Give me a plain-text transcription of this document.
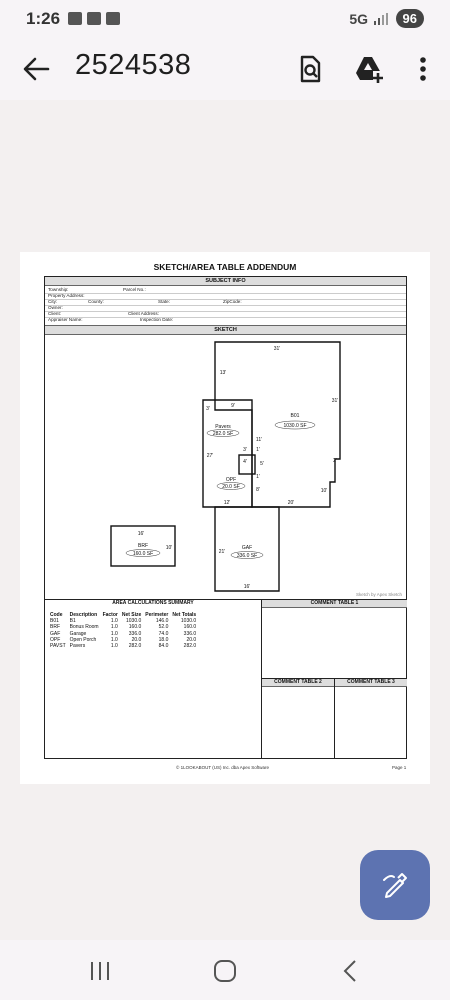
1:26	5G	96
2524538
SKETCH/AREA TABLE ADDENDUM
SUBJECT INFO
Township:	Parcel No.:
Property Address:
City:	County:	State:	ZipCode:
Owner:
Client:	Client Address:
Appraiser Name:	Inspection Date:
SKETCH
B01
1030.0 SF
Pavers
282.0 SF
OPF
20.0 SF
GAF
336.0 SF
BRF
160.0 SF
31'
13'
3'	9'
31'
11'
27'
3' 1'
4'	5'
1'
8'
2'
10'
12'	20'
21'
16'
16'
10'
Sketch by Apex Sketch
AREA CALCULATIONS SUMMARY
Code	Description	Factor	Net Size	Perimeter	Net Totals
B01	B1	1.0	1030.0	146.0	1030.0
BRF	Bonus Room	1.0	160.0	52.0	160.0
GAF	Garage	1.0	336.0	74.0	336.0
OPF	Open Porch	1.0	20.0	18.0	20.0
PAVST	Pavers	1.0	282.0	84.0	282.0
COMMENT TABLE 1
COMMENT TABLE 2	COMMENT TABLE 3
© 1LOOKABOUT (US) Inc. dba Apex Software	Page 1
